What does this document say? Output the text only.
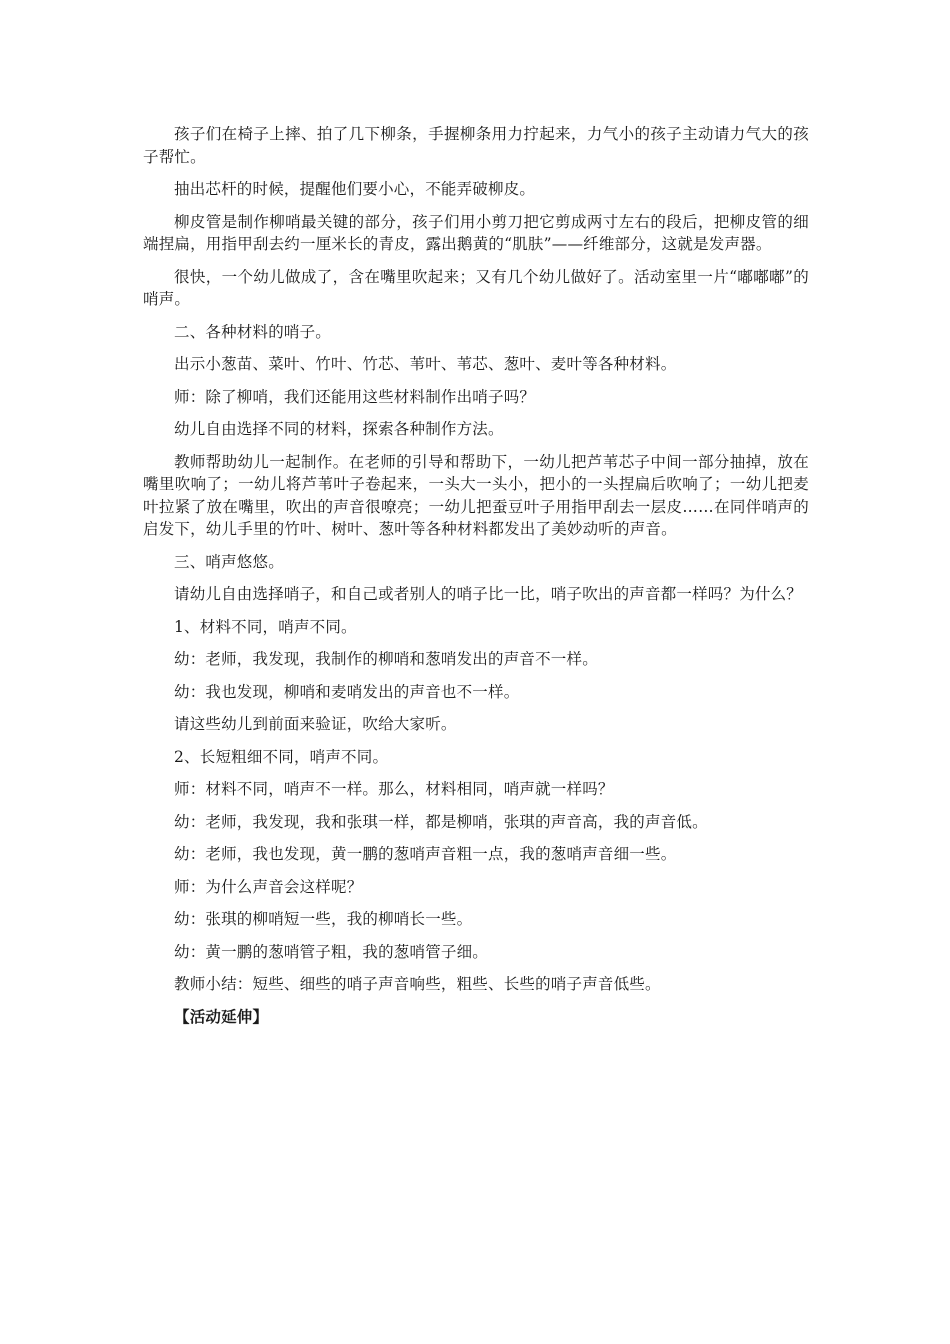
孩子们在椅子上摔、拍了几下柳条，手握柳条用力拧起来，力气小的孩子主动请力气大的孩子帮忙。

抽出芯杆的时候，提醒他们要小心，不能弄破柳皮。

柳皮管是制作柳哨最关键的部分，孩子们用小剪刀把它剪成两寸左右的段后，把柳皮管的细端捏扁，用指甲刮去约一厘米长的青皮，露出鹅黄的“肌肤”——纤维部分，这就是发声器。

很快，一个幼儿做成了，含在嘴里吹起来；又有几个幼儿做好了。活动室里一片“嘟嘟嘟”的哨声。

二、各种材料的哨子。

出示小葱苗、菜叶、竹叶、竹芯、苇叶、苇芯、葱叶、麦叶等各种材料。

师：除了柳哨，我们还能用这些材料制作出哨子吗？

幼儿自由选择不同的材料，探索各种制作方法。

教师帮助幼儿一起制作。在老师的引导和帮助下，一幼儿把芦苇芯子中间一部分抽掉，放在嘴里吹响了；一幼儿将芦苇叶子卷起来，一头大一头小，把小的一头捏扁后吹响了；一幼儿把麦叶拉紧了放在嘴里，吹出的声音很嘹亮；一幼儿把蚕豆叶子用指甲刮去一层皮……在同伴哨声的启发下，幼儿手里的竹叶、树叶、葱叶等各种材料都发出了美妙动听的声音。

三、哨声悠悠。

请幼儿自由选择哨子，和自己或者别人的哨子比一比，哨子吹出的声音都一样吗？为什么？

1、材料不同，哨声不同。

幼：老师，我发现，我制作的柳哨和葱哨发出的声音不一样。

幼：我也发现，柳哨和麦哨发出的声音也不一样。

请这些幼儿到前面来验证，吹给大家听。

2、长短粗细不同，哨声不同。

师：材料不同，哨声不一样。那么，材料相同，哨声就一样吗？

幼：老师，我发现，我和张琪一样，都是柳哨，张琪的声音高，我的声音低。

幼：老师，我也发现，黄一鹏的葱哨声音粗一点，我的葱哨声音细一些。

师：为什么声音会这样呢？

幼：张琪的柳哨短一些，我的柳哨长一些。

幼：黄一鹏的葱哨管子粗，我的葱哨管子细。

教师小结：短些、细些的哨子声音响些，粗些、长些的哨子声音低些。

【活动延伸】
